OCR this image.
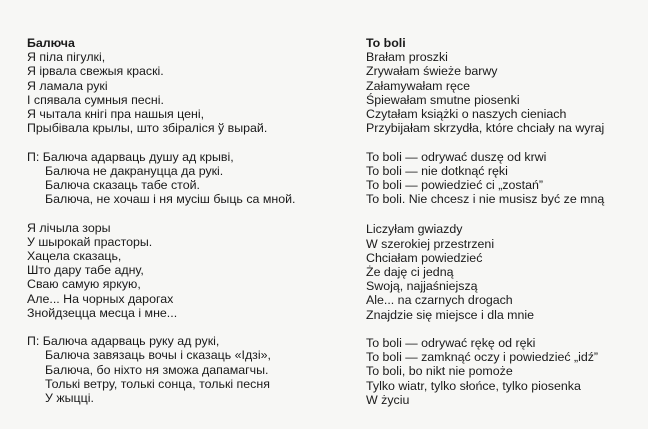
Балюча
Я піла пігулкі,
Я ірвала свежыя краскі.
Я ламала рукі
І спявала сумныя песні.
Я чытала кнігі пра нашыя цені,
Прыбівала крылы, што збіраліся ў вырай.
П: Балюча адарваць душу ад крыві,
Балюча не дакрануцца да рукі.
Балюча сказаць табе стой.
Балюча, не хочаш і ня мусіш быць са мной.
Я лічыла зоры
У шырокай прасторы.
Хацела сказаць,
Што дару табе адну,
Сваю самую яркую,
Але... На чорных дарогах
Знойдзецца месца і мне...
П: Балюча адарваць руку ад рукі,
Балюча завязаць вочы і сказаць «Ідзі»,
Балюча, бо ніхто ня зможа дапамагчы.
Толькі ветру, толькі сонца, толькі песня
У жыцці.
To boli
Brałam proszki
Zrywałam świeże barwy
Załamywałam ręce
Śpiewałam smutne piosenki
Czytałam książki o naszych cieniach
Przybijałam skrzydła, które chciały na wyraj
To boli — odrywać duszę od krwi
To boli — nie dotknąć ręki
To boli — powiedzieć ci „zostań”
To boli. Nie chcesz i nie musisz być ze mną
Liczyłam gwiazdy
W szerokiej przestrzeni
Chciałam powiedzieć
Że daję ci jedną
Swoją, najjaśniejszą
Ale... na czarnych drogach
Znajdzie się miejsce i dla mnie
To boli — odrywać rękę od ręki
To boli — zamknąć oczy i powiedzieć „idź”
To boli, bo nikt nie pomoże
Tylko wiatr, tylko słońce, tylko piosenka
W życiu
